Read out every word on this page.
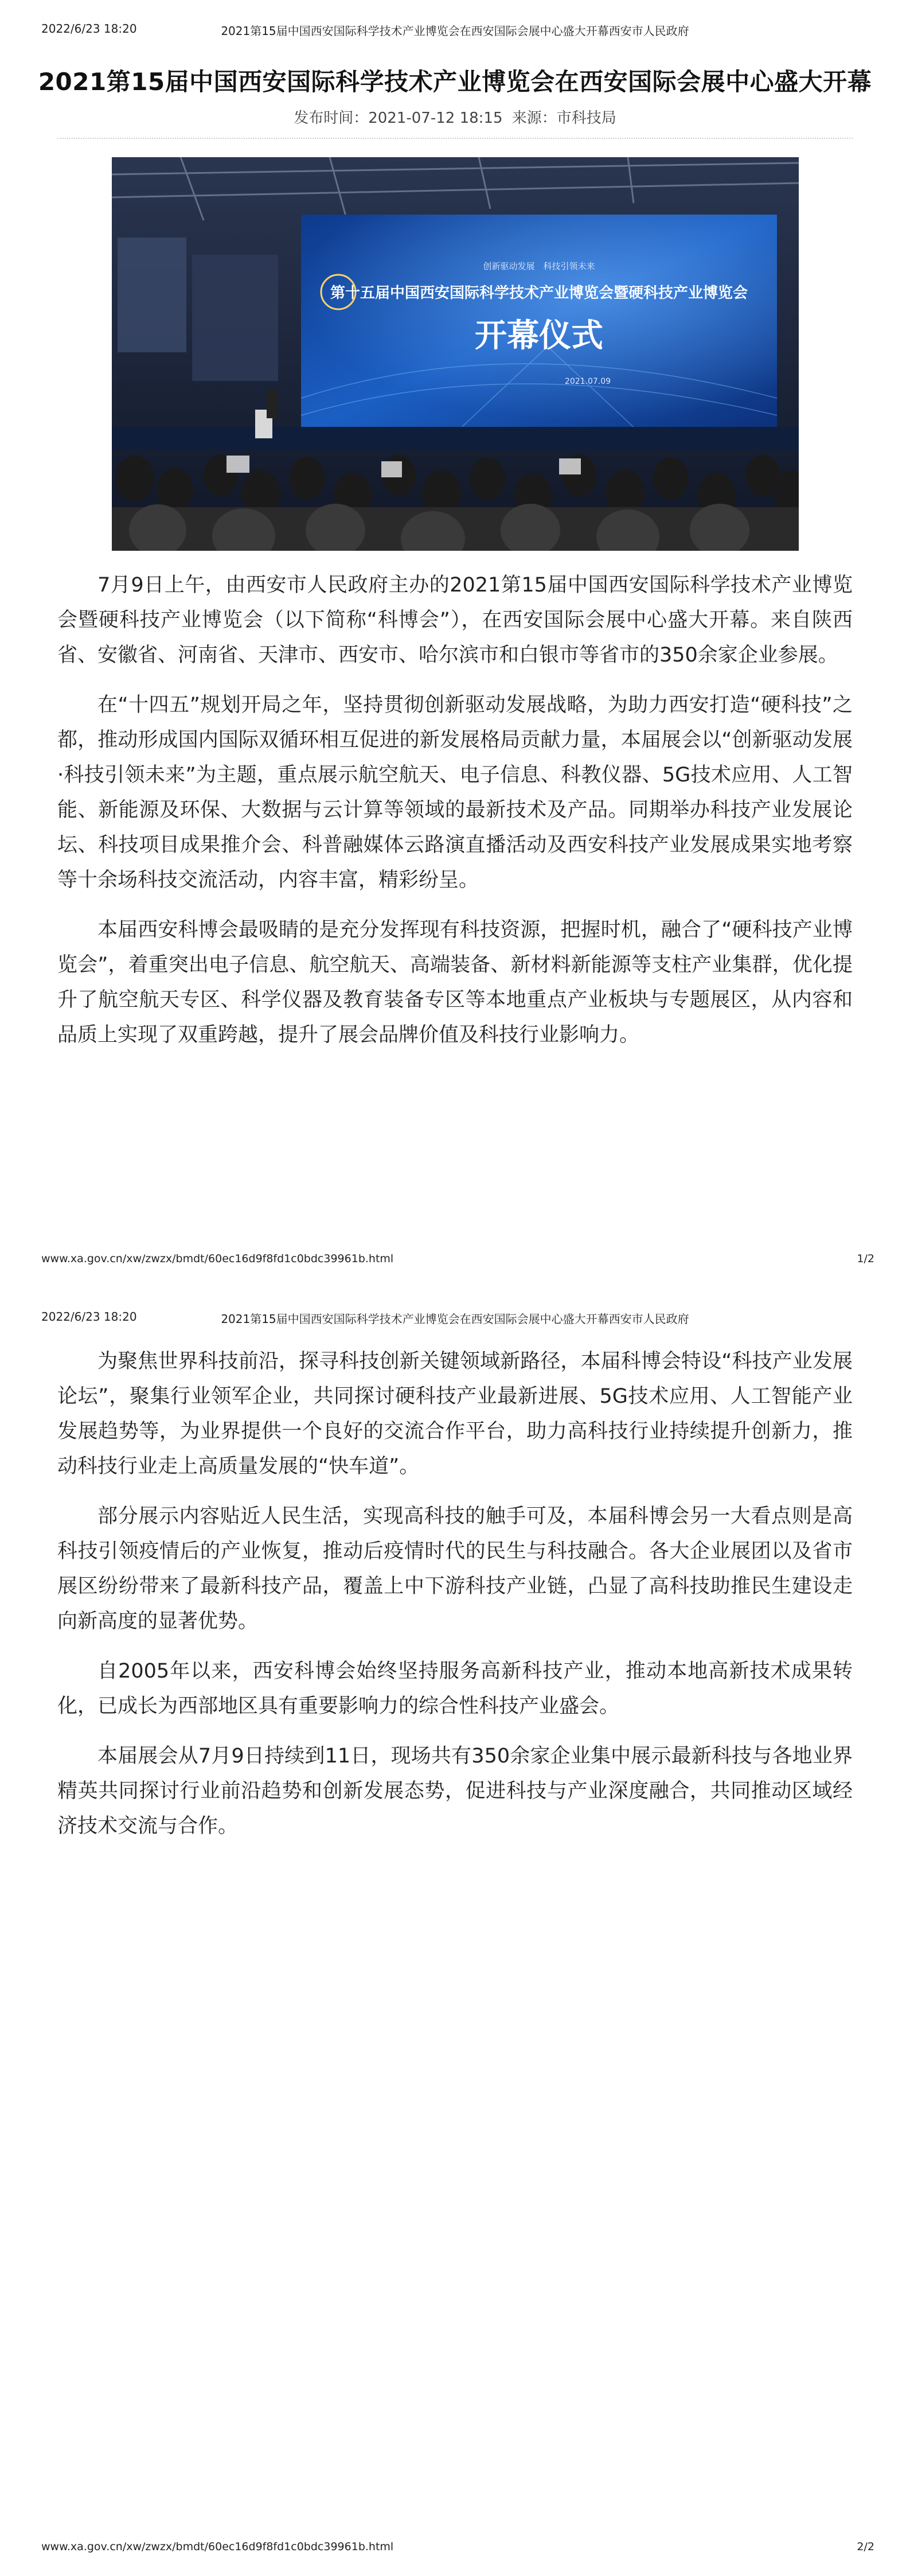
2022/6/23 18:20	2021第15届中国西安国际科学技术产业博览会在西安国际会展中心盛大开幕西安市人民政府
2021第15届中国西安国际科学技术产业博览会在西安国际会展中心盛大开幕
发布时间：2021-07-12 18:15 来源：市科技局
创新驱动发展　科技引领未来
第十五届中国西安国际科学技术产业博览会暨硬科技产业博览会
开幕仪式
2021.07.09

7月9日上午，由西安市人民政府主办的2021第15届中国西安国际科学技术产业博览会暨硬科技产业博览会（以下简称“科博会”），在西安国际会展中心盛大开幕。来自陕西省、安徽省、河南省、天津市、西安市、哈尔滨市和白银市等省市的350余家企业参展。

在“十四五”规划开局之年，坚持贯彻创新驱动发展战略，为助力西安打造“硬科技”之都，推动形成国内国际双循环相互促进的新发展格局贡献力量，本届展会以“创新驱动发展·科技引领未来”为主题，重点展示航空航天、电子信息、科教仪器、5G技术应用、人工智能、新能源及环保、大数据与云计算等领域的最新技术及产品。同期举办科技产业发展论坛、科技项目成果推介会、科普融媒体云路演直播活动及西安科技产业发展成果实地考察等十余场科技交流活动，内容丰富，精彩纷呈。

本届西安科博会最吸睛的是充分发挥现有科技资源，把握时机，融合了“硬科技产业博览会”，着重突出电子信息、航空航天、高端装备、新材料新能源等支柱产业集群，优化提升了航空航天专区、科学仪器及教育装备专区等本地重点产业板块与专题展区，从内容和品质上实现了双重跨越，提升了展会品牌价值及科技行业影响力。

www.xa.gov.cn/xw/zwzx/bmdt/60ec16d9f8fd1c0bdc39961b.html	1/2
2022/6/23 18:20	2021第15届中国西安国际科学技术产业博览会在西安国际会展中心盛大开幕西安市人民政府
www.xa.gov.cn/xw/zwzx/bmdt/60ec16d9f8fd1c0bdc39961b.html	2/2

为聚焦世界科技前沿，探寻科技创新关键领域新路径，本届科博会特设“科技产业发展论坛”，聚集行业领军企业，共同探讨硬科技产业最新进展、5G技术应用、人工智能产业发展趋势等，为业界提供一个良好的交流合作平台，助力高科技行业持续提升创新力，推动科技行业走上高质量发展的“快车道”。

部分展示内容贴近人民生活，实现高科技的触手可及，本届科博会另一大看点则是高科技引领疫情后的产业恢复，推动后疫情时代的民生与科技融合。各大企业展团以及省市展区纷纷带来了最新科技产品，覆盖上中下游科技产业链，凸显了高科技助推民生建设走向新高度的显著优势。

自2005年以来，西安科博会始终坚持服务高新科技产业，推动本地高新技术成果转化，已成长为西部地区具有重要影响力的综合性科技产业盛会。

本届展会从7月9日持续到11日，现场共有350余家企业集中展示最新科技与各地业界精英共同探讨行业前沿趋势和创新发展态势，促进科技与产业深度融合，共同推动区域经济技术交流与合作。
